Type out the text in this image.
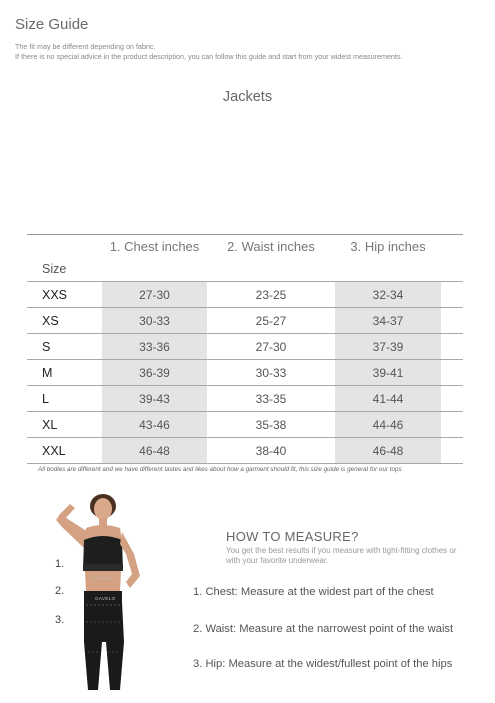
Size Guide
The fit may be different depending on fabric.
If there is no special advice in the product description, you can follow this guide and start from your widest measurements.
Jackets
1. Chest inches	2. Waist inches	3. Hip inches
Size
XXS	27-30	23-25	32-34
XS	30-33	25-27	34-37
S	33-36	27-30	37-39
M	36-39	30-33	39-41
L	39-43	33-35	41-44
XL	43-46	35-38	44-46
XXL	46-48	38-40	46-48
All bodies are different and we have different tastes and likes about how a garment should fit, this size guide is general for our tops
GAVELO
GAVELO
1.
2.
3.
HOW TO MEASURE?
You get the best results if you measure with tight-fitting clothes or with your favorite underwear.
1. Chest: Measure at the widest part of the chest
2. Waist: Measure at the narrowest point of the waist
3. Hip: Measure at the widest/fullest point of the hips
